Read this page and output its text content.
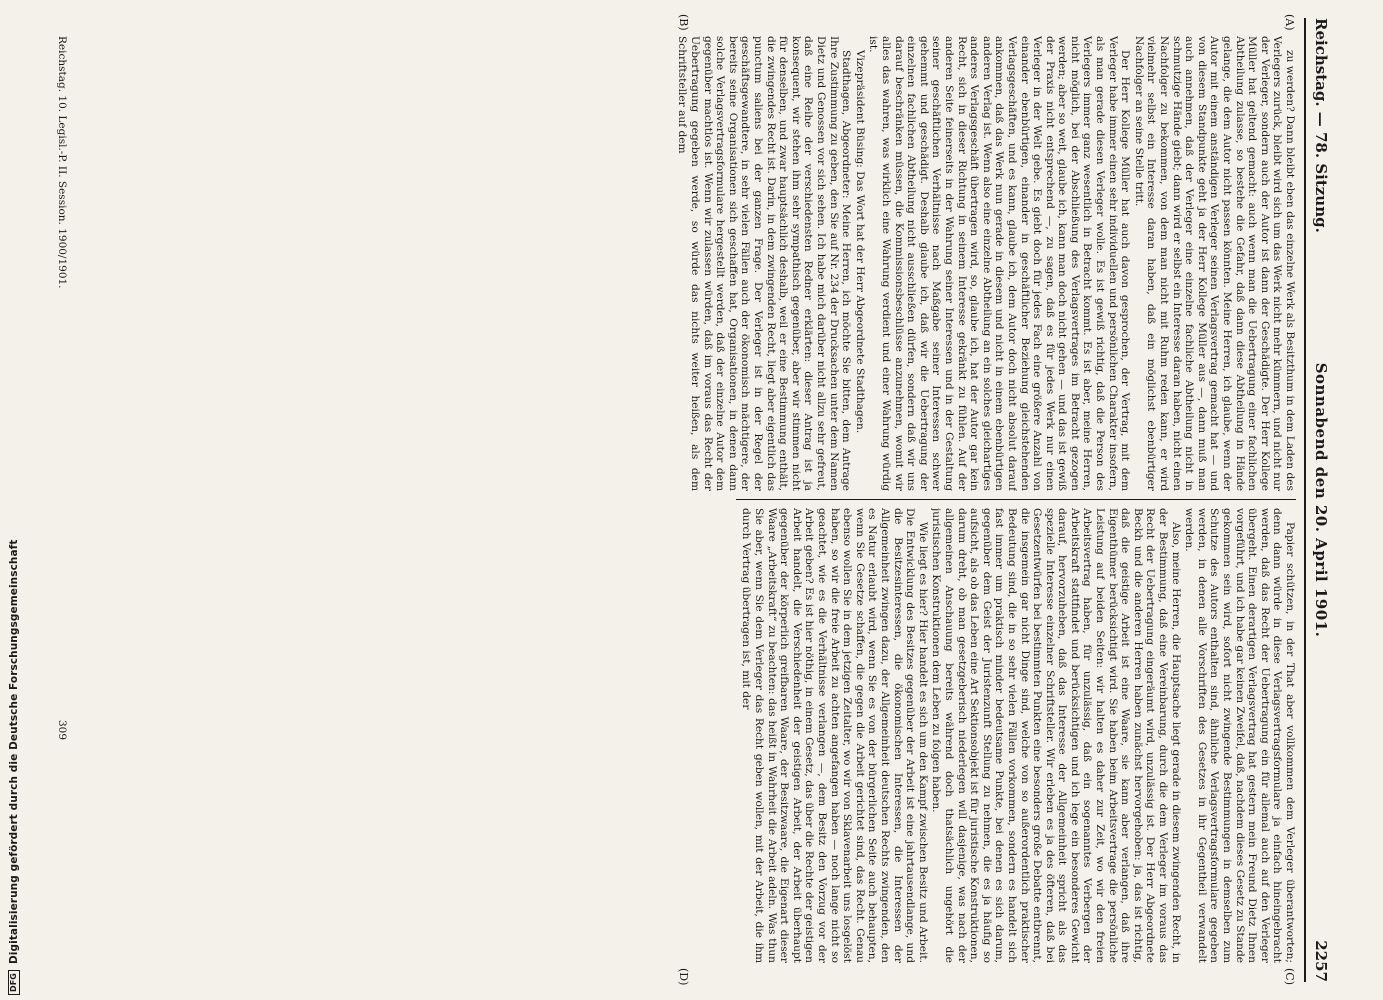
DFG
Digitalisierung gefördert durch die Deutsche Forschungsgemeinschaft
Reichstag. — 78. Sitzung.
Sonnabend den 20. April 1901.
2257
(A)
(B)
(C)
(D)

zu werden? Dann bleibt eben das einzelne Werk als Besitzthum in dem Laden des Verlegers zurück, bleibt wird sich um das Werk nicht mehr kümmern, und nicht nur der Verleger, sondern auch der Autor ist dann der Geschädigte. Der Herr Kollege Müller hat geltend gemacht: auch wenn man die Uebertragung einer fachlichen Abtheilung zulasse, so bestehe die Gefahr, daß dann diese Abtheilung in Hände gelange, die dem Autor nicht passen könnten. Meine Herren, ich glaube, wenn der Autor mit einem anständigen Verleger seinen Verlagsvertrag gemacht hat — und von diesem Standpunkte geht ja der Herr Kollege Müller aus —, dann muß man auch annehmen, daß der Verleger eine einzelne fachliche Abtheilung nicht in schmutzige Hände giebt; dann wird er selbst ein Interesse daran haben, nicht einen Nachfolger zu bekommen, von dem man nicht mit Ruhm reden kann, er wird vielmehr selbst ein Interesse daran haben, daß ein möglichst ebenbürtiger Nachfolger an seine Stelle tritt.

Der Herr Kollege Müller hat auch davon gesprochen, der Vertrag, mit dem Verleger habe immer einen sehr individuellen und persönlichen Charakter insofern, als man gerade diesen Verleger wolle. Es ist gewiß richtig, daß die Person des Verlegers immer ganz wesentlich in Betracht kommt. Es ist aber, meine Herren, nicht möglich, bei der Abschließung des Verlagsvertrages im Betracht gezogen werden; aber so weit, glaube ich, kann man doch nicht gehen — und das ist gewiß der Praxis nicht entsprechend —, zu sagen, daß es für jedes Werk nur einen Verleger in der Welt gebe. Es giebt doch für jedes Fach eine größere Anzahl von einander ebenbürtigen, einander in geschäftlicher Beziehung gleichstehenden Verlagsgeschäften, und es kann, glaube ich, dem Autor doch nicht absolut darauf ankommen, daß das Werk nun gerade in diesem und nicht in einem ebenbürtigen anderen Verlag ist. Wenn also eine einzelne Abtheilung an ein solches gleichartiges anderes Verlagsgeschäft übertragen wird, so, glaube ich, hat der Autor gar kein Recht, sich in dieser Richtung in seinem Interesse gekränkt zu fühlen. Auf der anderen Seite feinerseits in der Wahrung seiner Interessen und in der Gestaltung seiner geschäftlichen Verhältnisse nach Maßgabe seiner Interessen schwer gehemmt und geschädigt. Deshalb glaube ich, daß wir die Uebertragung der einzelnen fachlichen Abtheilung nicht ausschließen dürfen, sondern daß wir uns darauf beschränken müssen, die Kommissionsbeschlüsse anzunehmen, womit wir alles das wahren, was wirklich eine Wahrung verdient und einer Wahrung würdig ist.

Vizepräsident Büsing: Das Wort hat der Herr Abgeordnete Stadthagen.

Stadthagen, Abgeordneter: Meine Herren, ich möchte Sie bitten, dem Antrage Ihre Zustimmung zu geben, den Sie auf Nr. 234 der Drucksachen unter dem Namen Dietz und Genossen vor sich sehen. Ich habe mich darüber nicht allzu sehr gefreut, daß eine Reihe der verschiedensten Redner erklärten: dieser Antrag ist ja konsequent, wir stehen ihm sehr sympathisch gegenüber, aber wir stimmen nicht für denselben, und zwar hauptsächlich deshalb, weil er eine Bestimmung enthält, die zwingendes Recht ist. Darin, in dem zwingenden Recht, liegt aber eigentlich das punctum saliens bei der ganzen Frage. Der Verleger ist in der Regel der geschäftsgewandtere, in sehr vielen Fällen auch der ökonomisch mächtigere, der bereits seine Organisationen sich geschaffen hat, Organisationen, in denen dann solche Verlagsvertragsformulare hergestellt werden, daß der einzelne Autor dem gegenüber machtlos ist. Wenn wir zulassen würden, daß im voraus das Recht der Uebertragung gegeben werde, so würde das nichts weiter heißen, als dem Schriftsteller auf dem

Papier schützen, in der That aber vollkommen dem Verleger überantworten; denn dann würde in diese Verlagsvertragsformulare ja einfach hineingebracht werden, daß das Recht der Uebertragung ein für allemal auch auf den Verleger übergeht. Einen derartigen Verlagsvertrag hat gestern mein Freund Dietz Ihnen vorgeführt, und ich habe gar keinen Zweifel, daß, nachdem dieses Gesetz zu Stande gekommen sein wird, sofort nicht zwingende Bestimmungen in demselben zum Schutze des Autors enthalten sind, ähnliche Verlagsvertragsformulare gegeben werden, in denen alle Vorschriften des Gesetzes in ihr Gegentheil verwandelt werden.

Also, meine Herren, die Hauptsache liegt gerade in diesem zwingenden Recht, in der Bestimmung, daß eine Vereinbarung, durch die dem Verleger im voraus das Recht der Uebertragung eingeräumt wird, unzulässig ist. Der Herr Abgeordnete Beckh und die anderen Herren haben zunächst hervorgehoben: ja, das ist richtig, daß die geistige Arbeit ist eine Waare, sie kann aber verlangen, daß ihre Eigenthümer berücksichtigt wird. Sie haben beim Arbeitsvertrage die persönliche Leistung auf beiden Seiten: wir halten es daher zur Zeit, wo wir den freien Arbeitsvertrag haben, für unzulässig, daß ein sogenanntes Verbergen der Arbeitskraft stattfindet und berücksichtigen und ich lege ein besonderes Gewicht darauf, hervorzuheben, daß das Interesse der Allgemeinheit spricht als das spezielle Interesse einzelner Schriftsteller. Wir erleben es ja des öfteren, daß bei Gesetzentwürfen bei bestimmten Punkten eine besonders große Debatte entbrennt, die insgemein gar nicht Dinge sind, welche von so außerordentlich praktischer Bedeutung sind, die in so sehr vielen Fällen vorkommen, sondern es handelt sich fast immer um praktisch minder bedeutsame Punkte, bei denen es sich darum, gegenüber dem Geist der Juristenzunft Stellung zu nehmen, die es ja häufig so aufsicht, als ob das Leben eine Art Sektionsobjekt ist für juristische Konstruktionen, darum dreht, ob man gesetzgeberisch niederlegen will dasjenige, was nach der allgemeinen Anschauung bereits während doch thatsächlich ungehört die juristischen Konstruktionen dem Leben zu folgen haben.

Wie liegt es hier? Hier handelt es sich um den Kampf zwischen Besitz und Arbeit. Die Entwicklung des Besitzes gegenüber der Arbeit ist eine jahrtausendlange, und die Besitzesinteressen, die ökonomischen Interessen, die Interessen der Allgemeinheit zwingen dazu, der Allgemeinheit deutschen Rechts zwingenden, den es Natur erlaubt wird, wenn Sie es von der bürgerlichen Seite auch behaupten, wenn Sie Gesetze schaffen, die gegen die Arbeit gerichtet sind, das Recht. Genau ebenso wollen Sie in dem jetzigen Zeitalter, wo wir von Sklavenarbeit uns losgelöst haben, so wir die freie Arbeit zu achten angefangen haben — noch lange nicht so geachtet, wie es die Verhältnisse verlangen —, dem Besitz den Vorzug vor der Arbeit geben? Es ist hier nöthig, in einem Gesetz, das über die Rechte der geistigen Arbeit handelt, die Verschiedenheit der geistigen Arbeit, der Arbeit überhaupt gegenüber der körperlich greifbaren Waare, der Besitzwaare, die Eigenart dieser Waare „Arbeitskraft“ zu beachten: das heißt in Wahrheit die Arbeit adeln. Was thun Sie aber, wenn Sie dem Verleger das Recht geben wollen, mit der Arbeit, die ihm durch Vertrag übertragen ist, mit der

Reichstag. 10. Legisl.-P. II. Session. 1900/1901.
309
